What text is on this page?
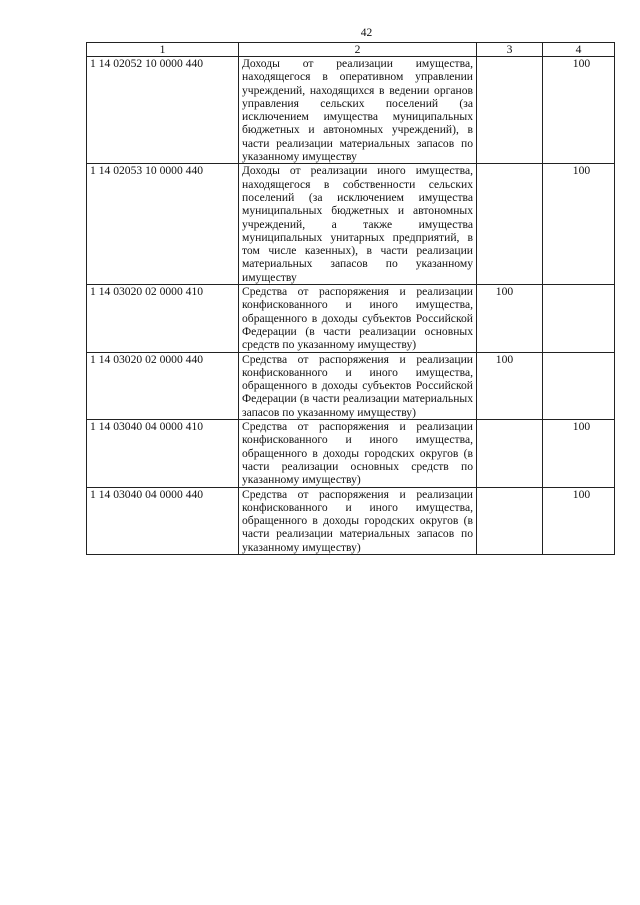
42
1	2	3	4
1 14 02052 10 0000 440	Доходы от реализации имущества, находящегося в оперативном управлении учреждений, находящихся в ведении органов управления сельских поселений (за исключением имущества муниципальных бюджетных и автономных учреждений), в части реализации материальных запасов по указанному имуществу		100
1 14 02053 10 0000 440	Доходы от реализации иного имущества, находящегося в собственности сельских поселений (за исключением имущества муниципальных бюджетных и автономных учреждений, а также имущества муниципальных унитарных предприятий, в том числе казенных), в части реализации материальных запасов по указанному имуществу		100
1 14 03020 02 0000 410	Средства от распоряжения и реализации конфискованного и иного имущества, обращенного в доходы субъектов Российской Федерации (в части реализации основных средств по указанному имуществу)	100	
1 14 03020 02 0000 440	Средства от распоряжения и реализации конфискованного и иного имущества, обращенного в доходы субъектов Российской Федерации (в части реализации материальных запасов по указанному имуществу)	100	
1 14 03040 04 0000 410	Средства от распоряжения и реализации конфискованного и иного имущества, обращенного в доходы городских округов (в части реализации основных средств по указанному имуществу)		100
1 14 03040 04 0000 440	Средства от распоряжения и реализации конфискованного и иного имущества, обращенного в доходы городских округов (в части реализации материальных запасов по указанному имуществу)		100
